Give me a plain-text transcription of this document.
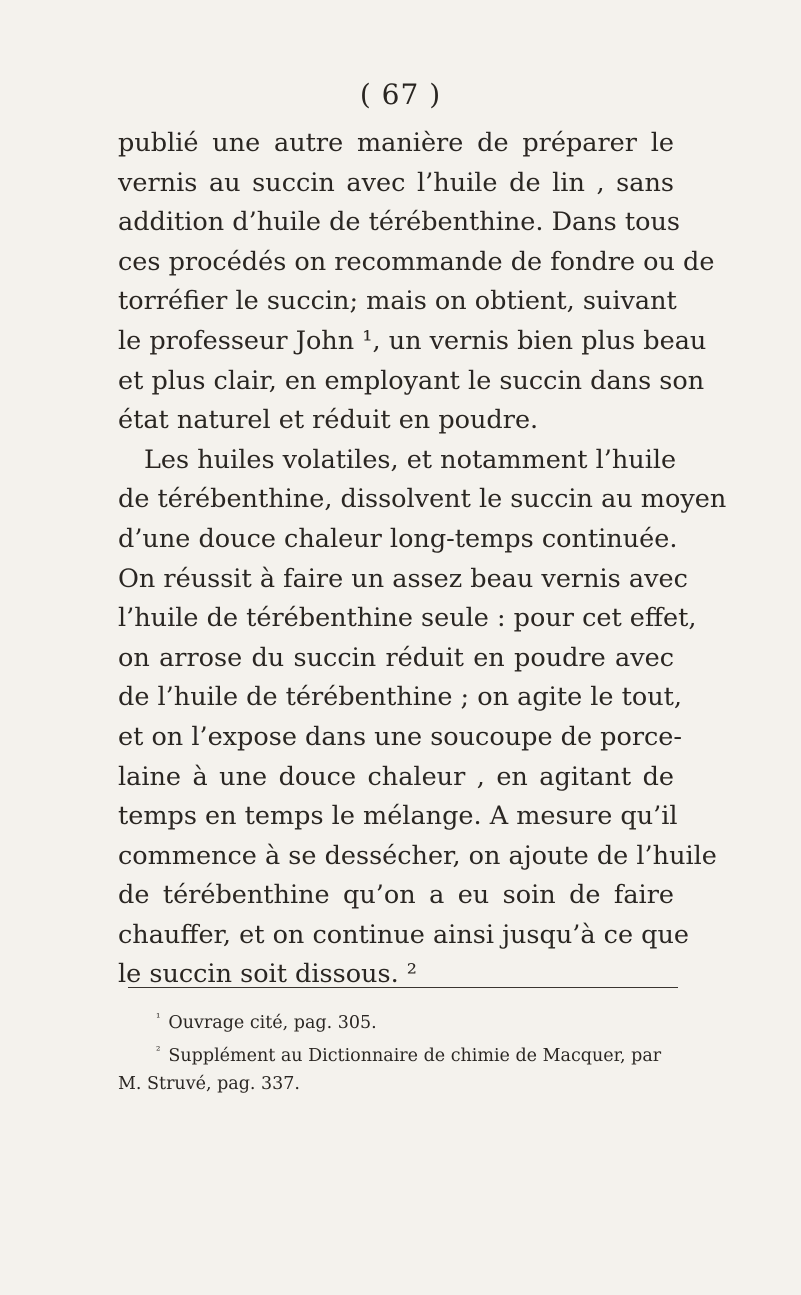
( 67 )
publié une autre manière de préparer le
vernis au succin avec l’huile de lin , sans
addition d’huile de térébenthine. Dans tous
ces procédés on recommande de fondre ou de
torréfier le succin; mais on obtient, suivant
le professeur John ¹, un vernis bien plus beau
et plus clair, en employant le succin dans son
état naturel et réduit en poudre.
Les huiles volatiles, et notamment l’huile
de térébenthine, dissolvent le succin au moyen
d’une douce chaleur long-temps continuée.
On réussit à faire un assez beau vernis avec
l’huile de térébenthine seule : pour cet effet,
on arrose du succin réduit en poudre avec
de l’huile de térébenthine ; on agite le tout,
et on l’expose dans une soucoupe de porce-
laine à une douce chaleur , en agitant de
temps en temps le mélange. A mesure qu’il
commence à se dessécher, on ajoute de l’huile
de térébenthine qu’on a eu soin de faire
chauffer, et on continue ainsi jusqu’à ce que
le succin soit dissous. ²
$^{^1}$ Ouvrage cité, pag. 305.
$^{^2}$ Supplément au Dictionnaire de chimie de Macquer, par
M. Struvé, pag. 337.
